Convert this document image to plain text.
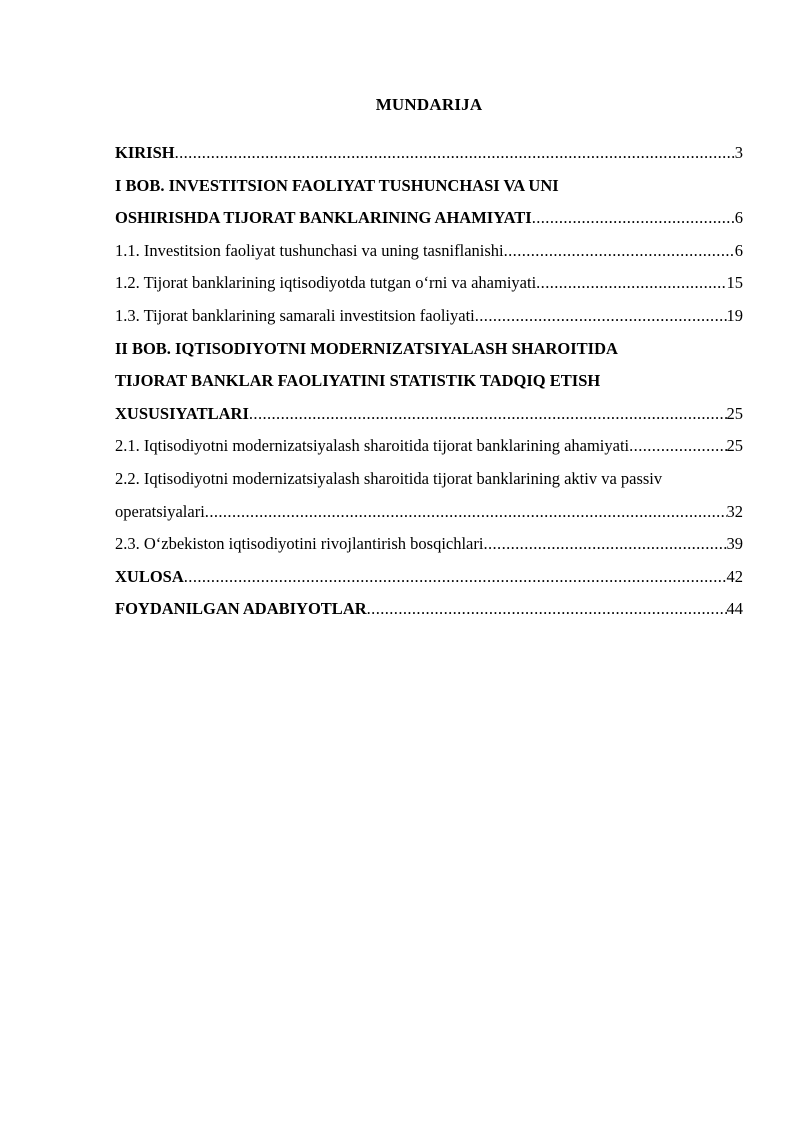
MUNDARIJA
KIRISH .....	3
I BOB. INVESTITSION FAOLIYAT TUSHUNCHASI VA UNI
OSHIRISHDA TIJORAT BANKLARINING AHAMIYATI .....	6
1.1. Investitsion faoliyat tushunchasi va uning tasniflanishi .....	6
1.2. Tijorat banklarining iqtisodiyotda tutgan o‘rni va ahamiyati .....	15
1.3. Tijorat banklarining samarali investitsion faoliyati .....	19
II BOB. IQTISODIYOTNI MODERNIZATSIYALASH SHAROITIDA
TIJORAT BANKLAR FAOLIYATINI STATISTIK TADQIQ ETISH
XUSUSIYATLARI .....	25
2.1. Iqtisodiyotni modernizatsiyalash sharoitida tijorat banklarining ahamiyati .....	25
2.2. Iqtisodiyotni modernizatsiyalash sharoitida tijorat banklarining aktiv va passiv
operatsiyalari .....	32
2.3. O‘zbekiston iqtisodiyotini rivojlantirish bosqichlari .....	39
XULOSA .....	42
FOYDANILGAN ADABIYOTLAR .....	44
